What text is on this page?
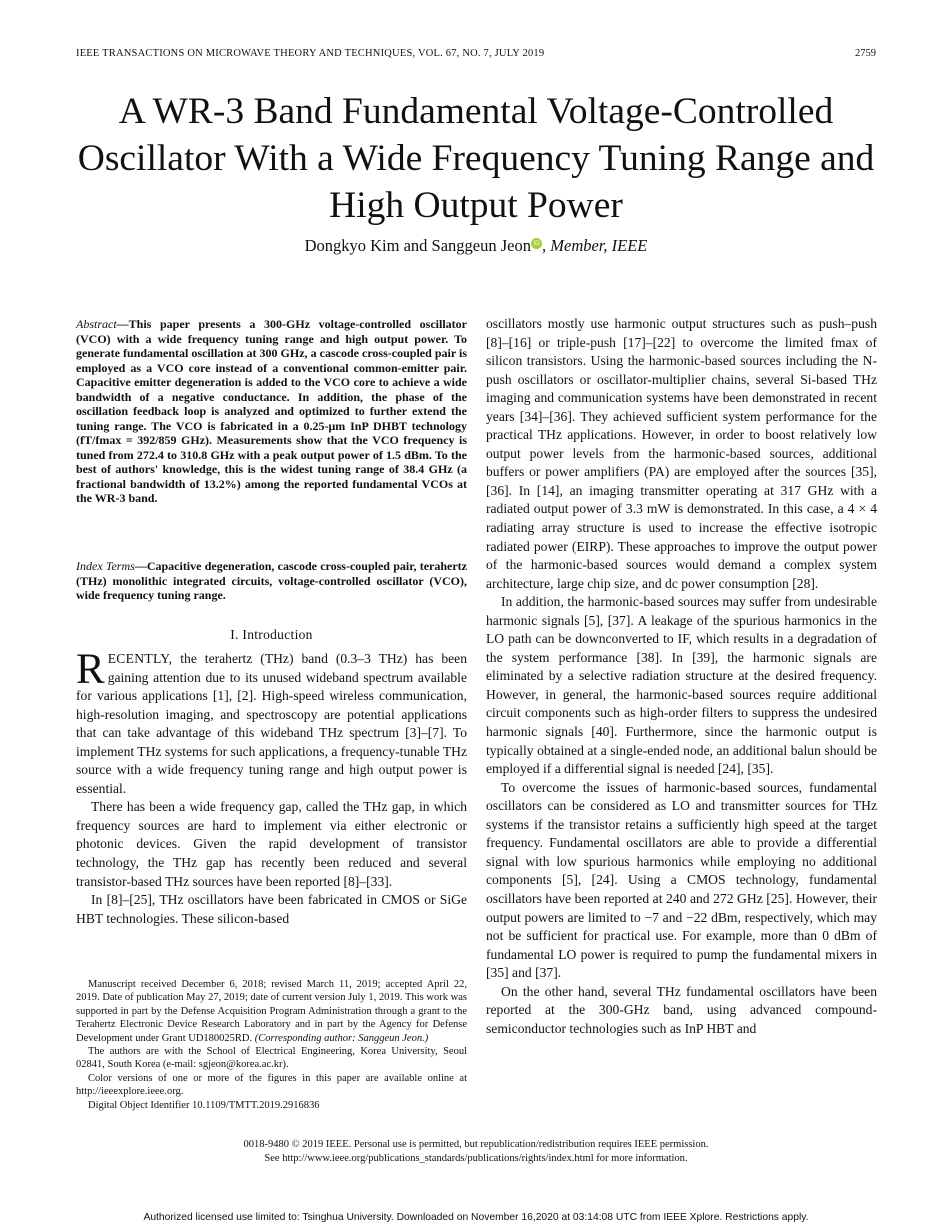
IEEE TRANSACTIONS ON MICROWAVE THEORY AND TECHNIQUES, VOL. 67, NO. 7, JULY 2019	2759
A WR-3 Band Fundamental Voltage-Controlled Oscillator With a Wide Frequency Tuning Range and High Output Power
Dongkyo Kim and Sanggeun Jeon iD , Member, IEEE
Abstract—This paper presents a 300-GHz voltage-controlled oscillator (VCO) with a wide frequency tuning range and high output power. To generate fundamental oscillation at 300 GHz, a cascode cross-coupled pair is employed as a VCO core instead of a conventional common-emitter pair. Capacitive emitter degeneration is added to the VCO core to achieve a wide bandwidth of a negative conductance. In addition, the phase of the oscillation feedback loop is analyzed and optimized to further extend the tuning range. The VCO is fabricated in a 0.25-μm InP DHBT technology (fT/fmax = 392/859 GHz). Measurements show that the VCO frequency is tuned from 272.4 to 310.8 GHz with a peak output power of 1.5 dBm. To the best of authors' knowledge, this is the widest tuning range of 38.4 GHz (a fractional bandwidth of 13.2%) among the reported fundamental VCOs at the WR-3 band.
Index Terms—Capacitive degeneration, cascode cross-coupled pair, terahertz (THz) monolithic integrated circuits, voltage-controlled oscillator (VCO), wide frequency tuning range.
I. Introduction

RECENTLY, the terahertz (THz) band (0.3–3 THz) has been gaining attention due to its unused wideband spectrum available for various applications [1], [2]. High-speed wireless communication, high-resolution imaging, and spectroscopy are potential applications that can take advantage of this wideband THz spectrum [3]–[7]. To implement THz systems for such applications, a frequency-tunable THz source with a wide frequency tuning range and high output power is essential.

There has been a wide frequency gap, called the THz gap, in which frequency sources are hard to implement via either electronic or photonic devices. Given the rapid development of transistor technology, the THz gap has recently been reduced and several transistor-based THz sources have been reported [8]–[33].

In [8]–[25], THz oscillators have been fabricated in CMOS or SiGe HBT technologies. These silicon-based

Manuscript received December 6, 2018; revised March 11, 2019; accepted April 22, 2019. Date of publication May 27, 2019; date of current version July 1, 2019. This work was supported in part by the Defense Acquisition Program Administration through a grant to the Terahertz Electronic Device Research Laboratory and in part by the Agency for Defense Development under Grant UD180025RD. (Corresponding author: Sanggeun Jeon.)

The authors are with the School of Electrical Engineering, Korea University, Seoul 02841, South Korea (e-mail: sgjeon@korea.ac.kr).

Color versions of one or more of the figures in this paper are available online at http://ieeexplore.ieee.org.

Digital Object Identifier 10.1109/TMTT.2019.2916836

oscillators mostly use harmonic output structures such as push–push [8]–[16] or triple-push [17]–[22] to overcome the limited fmax of silicon transistors. Using the harmonic-based sources including the N-push oscillators or oscillator-multiplier chains, several Si-based THz imaging and communication systems have been demonstrated in recent years [34]–[36]. They achieved sufficient system performance for the practical THz applications. However, in order to boost relatively low output power levels from the harmonic-based sources, additional buffers or power amplifiers (PA) are employed after the sources [35], [36]. In [14], an imaging transmitter operating at 317 GHz with a radiated output power of 3.3 mW is demonstrated. In this case, a 4 × 4 radiating array structure is used to increase the effective isotropic radiated power (EIRP). These approaches to improve the output power of the harmonic-based sources would demand a complex system architecture, large chip size, and dc power consumption [28].

In addition, the harmonic-based sources may suffer from undesirable harmonic signals [5], [37]. A leakage of the spurious harmonics in the LO path can be downconverted to IF, which results in a degradation of the system performance [38]. In [39], the harmonic signals are eliminated by a selective radiation structure at the desired frequency. However, in general, the harmonic-based sources require additional circuit components such as high-order filters to suppress the undesired harmonic signals [40]. Furthermore, since the harmonic output is typically obtained at a single-ended node, an additional balun should be employed if a differential signal is needed [24], [35].

To overcome the issues of harmonic-based sources, fundamental oscillators can be considered as LO and transmitter sources for THz systems if the transistor retains a sufficiently high speed at the target frequency. Fundamental oscillators are able to provide a differential signal with low spurious harmonics while employing no additional components [5], [24]. Using a CMOS technology, fundamental oscillators have been reported at 240 and 272 GHz [25]. However, their output powers are limited to −7 and −22 dBm, respectively, which may not be sufficient for practical use. For example, more than 0 dBm of fundamental LO power is required to pump the fundamental mixers in [35] and [37].

On the other hand, several THz fundamental oscillators have been reported at the 300-GHz band, using advanced compound-semiconductor technologies such as InP HBT and

0018-9480 © 2019 IEEE. Personal use is permitted, but republication/redistribution requires IEEE permission.
See http://www.ieee.org/publications_standards/publications/rights/index.html for more information.
Authorized licensed use limited to: Tsinghua University. Downloaded on November 16,2020 at 03:14:08 UTC from IEEE Xplore. Restrictions apply.
